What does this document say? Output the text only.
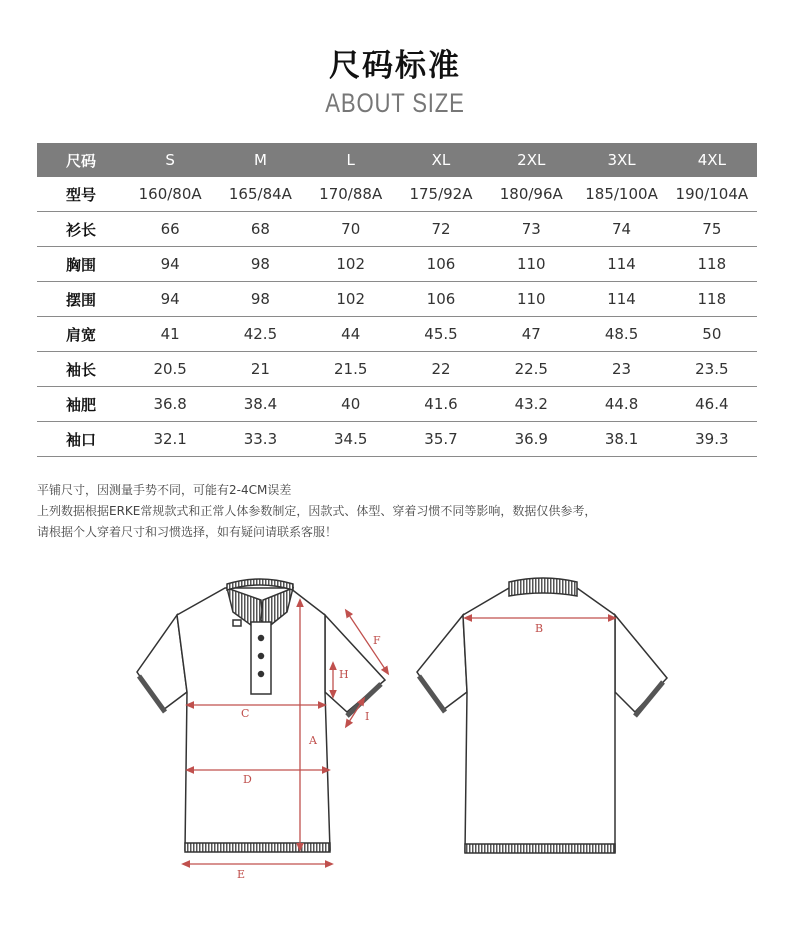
尺码标准
ABOUT SIZE
尺码	S	M	L	XL	2XL	3XL	4XL
型号	160/80A	165/84A	170/88A	175/92A	180/96A	185/100A	190/104A
衫长	66	68	70	72	73	74	75
胸围	94	98	102	106	110	114	118
摆围	94	98	102	106	110	114	118
肩宽	41	42.5	44	45.5	47	48.5	50
袖长	20.5	21	21.5	22	22.5	23	23.5
袖肥	36.8	38.4	40	41.6	43.2	44.8	46.4
袖口	32.1	33.3	34.5	35.7	36.9	38.1	39.3
平铺尺寸，因测量手势不同，可能有2-4CM误差
上列数据根据ERKE常规款式和正常人体参数制定，因款式、体型、穿着习惯不同等影响，数据仅供参考，
请根据个人穿着尺寸和习惯选择，如有疑问请联系客服！
C
D
E
A
F
H
I
B
